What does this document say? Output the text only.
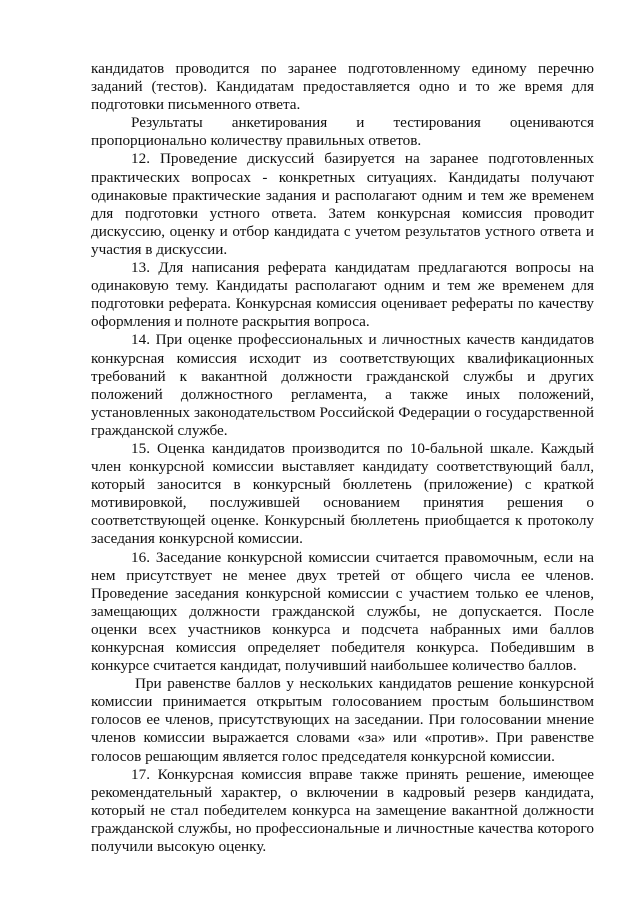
кандидатов проводится по заранее подготовленному единому перечню заданий (тестов). Кандидатам предоставляется одно и то же время для подготовки письменного ответа.

Результаты анкетирования и тестирования оцениваются пропорционально количеству правильных ответов.

12. Проведение дискуссий базируется на заранее подготовленных практических вопросах - конкретных ситуациях. Кандидаты получают одинаковые практические задания и располагают одним и тем же временем для подготовки устного ответа. Затем конкурсная комиссия проводит дискуссию, оценку и отбор кандидата с учетом результатов устного ответа и участия в дискуссии.

13. Для написания реферата кандидатам предлагаются вопросы на одинаковую тему. Кандидаты располагают одним и тем же временем для подготовки реферата. Конкурсная комиссия оценивает рефераты по качеству оформления и полноте раскрытия вопроса.

14. При оценке профессиональных и личностных качеств кандидатов конкурсная комиссия исходит из соответствующих квалификационных требований к вакантной должности гражданской службы и других положений должностного регламента, а также иных положений, установленных законодательством Российской Федерации о государственной гражданской службе.

15. Оценка кандидатов производится по 10-бальной шкале. Каждый член конкурсной комиссии выставляет кандидату соответствующий балл, который заносится в конкурсный бюллетень (приложение) с краткой мотивировкой, послужившей основанием принятия решения о соответствующей оценке. Конкурсный бюллетень приобщается к протоколу заседания конкурсной комиссии.

16. Заседание конкурсной комиссии считается правомочным, если на нем присутствует не менее двух третей от общего числа ее членов. Проведение заседания конкурсной комиссии с участием только ее членов, замещающих должности гражданской службы, не допускается. После оценки всех участников конкурса и подсчета набранных ими баллов конкурсная комиссия определяет победителя конкурса. Победившим в конкурсе считается кандидат, получивший наибольшее количество баллов.

При равенстве баллов у нескольких кандидатов решение конкурсной комиссии принимается открытым голосованием простым большинством голосов ее членов, присутствующих на заседании. При голосовании мнение членов комиссии выражается словами «за» или «против». При равенстве голосов решающим является голос председателя конкурсной комиссии.

17. Конкурсная комиссия вправе также принять решение, имеющее рекомендательный характер, о включении в кадровый резерв кандидата, который не стал победителем конкурса на замещение вакантной должности гражданской службы, но профессиональные и личностные качества которого получили высокую оценку.
